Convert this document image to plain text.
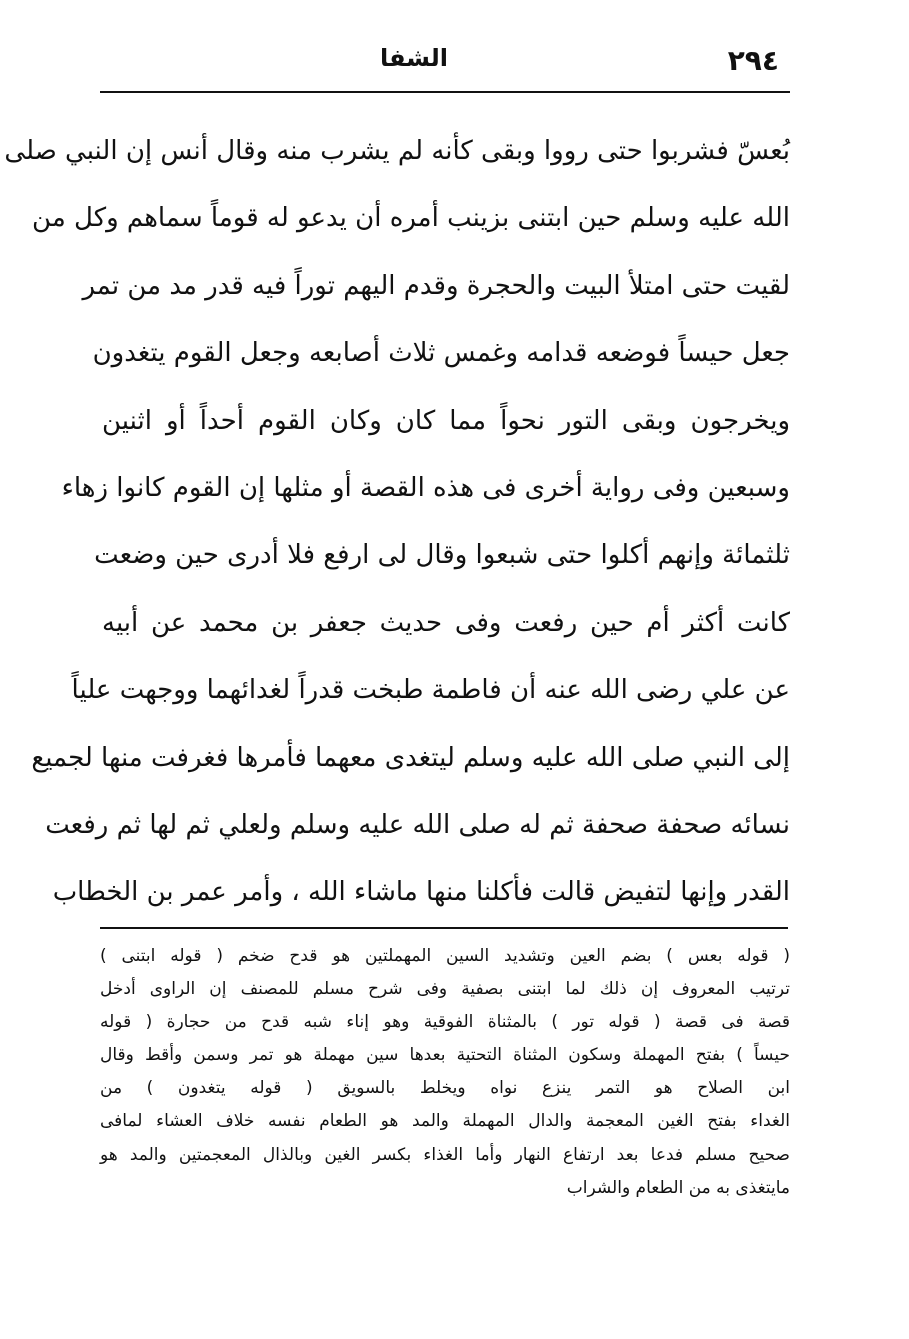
٢٩٤
الشفا
بُعسّ فشربوا حتى رووا وبقى كأنه لم يشرب منه وقال أنس إن النبي صلى
الله عليه وسلم حين ابتنى بزينب أمره أن يدعو له قوماً سماهم وكل من
لقيت حتى امتلأ البيت والحجرة وقدم اليهم توراً فيه قدر مد من تمر
جعل حيساً فوضعه قدامه وغمس ثلاث أصابعه وجعل القوم يتغدون
ويخرجون وبقى التور نحواً مما كان وكان القوم أحداً أو اثنين
وسبعين وفى رواية أخرى فى هذه القصة أو مثلها إن القوم كانوا زهاء
ثلثمائة وإنهم أكلوا حتى شبعوا وقال لى ارفع فلا أدرى حين وضعت
كانت أكثر أم حين رفعت وفى حديث جعفر بن محمد عن أبيه
عن علي رضى الله عنه أن فاطمة طبخت قدراً لغدائهما ووجهت علياً
إلى النبي صلى الله عليه وسلم ليتغدى معهما فأمرها فغرفت منها لجميع
نسائه صحفة صحفة ثم له صلى الله عليه وسلم ولعلي ثم لها ثم رفعت
القدر وإنها لتفيض قالت فأكلنا منها ماشاء الله ، وأمر عمر بن الخطاب
( قوله بعس ) بضم العين وتشديد السين المهملتين هو قدح ضخم ( قوله ابتنى )
ترتيب المعروف إن ذلك لما ابتنى بصفية وفى شرح مسلم للمصنف إن الراوى أدخل
قصة فى قصة ( قوله تور ) بالمثناة الفوقية وهو إناء شبه قدح من حجارة ( قوله
حيساً ) بفتح المهملة وسكون المثناة التحتية بعدها سين مهملة هو تمر وسمن وأقط وقال
ابن الصلاح هو التمر ينزع نواه ويخلط بالسويق ( قوله يتغدون ) من
الغداء بفتح الغين المعجمة والدال المهملة والمد هو الطعام نفسه خلاف العشاء لمافى
صحيح مسلم فدعا بعد ارتفاع النهار وأما الغذاء بكسر الغين وبالذال المعجمتين والمد هو
مايتغذى به من الطعام والشراب
